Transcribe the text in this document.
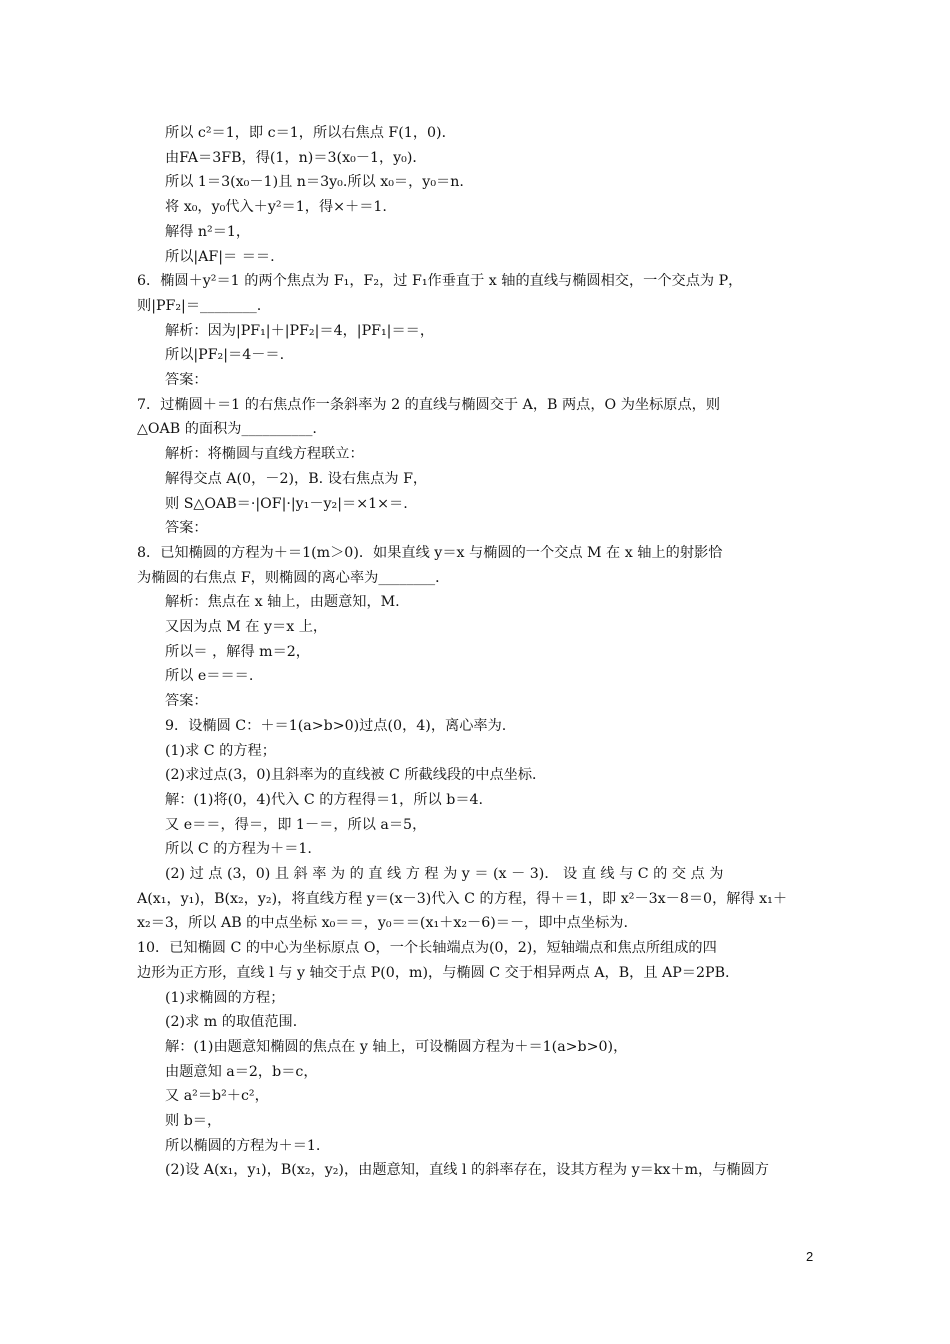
所以 c²＝1，即 c＝1，所以右焦点 F(1，0)．
由FA＝3FB，得(1，n)＝3(x₀－1，y₀)．
所以 1＝3(x₀－1)且 n＝3y₀.所以 x₀＝，y₀＝n.
将 x₀，y₀代入＋y²＝1，得×＋＝1.
解得 n²＝1，
所以|AF|＝ ＝＝.
6．椭圆＋y²＝1 的两个焦点为 F₁，F₂，过 F₁作垂直于 x 轴的直线与椭圆相交，一个交点为 P，
则|PF₂|＝________.
解析：因为|PF₁|＋|PF₂|＝4，|PF₁|＝＝，
所以|PF₂|＝4－＝.
答案：
7．过椭圆＋＝1 的右焦点作一条斜率为 2 的直线与椭圆交于 A，B 两点，O 为坐标原点，则
△OAB 的面积为__________.
解析：将椭圆与直线方程联立：
解得交点 A(0，－2)，B. 设右焦点为 F，
则 S△OAB＝·|OF|·|y₁－y₂|＝×1×＝.
答案：
8．已知椭圆的方程为＋＝1(m＞0)．如果直线 y＝x 与椭圆的一个交点 M 在 x 轴上的射影恰
为椭圆的右焦点 F，则椭圆的离心率为________．
解析：焦点在 x 轴上，由题意知，M.
又因为点 M 在 y＝x 上，
所以＝ ，解得 m＝2，
所以 e＝＝＝.
答案：
9．设椭圆 C：＋＝1(a>b>0)过点(0，4)，离心率为.
(1)求 C 的方程；
(2)求过点(3，0)且斜率为的直线被 C 所截线段的中点坐标．
解：(1)将(0，4)代入 C 的方程得＝1，所以 b＝4.
又 e＝＝，得＝，即 1－＝，所以 a＝5，
所以 C 的方程为＋＝1.
(2) 过 点 (3，0) 且 斜 率 为 的 直 线 方 程 为 y ＝ (x － 3)． 设 直 线 与 C 的 交 点 为
A(x₁，y₁)，B(x₂，y₂)，将直线方程 y＝(x－3)代入 C 的方程，得＋＝1，即 x²－3x－8＝0，解得 x₁＋
x₂＝3，所以 AB 的中点坐标 x₀＝＝，y₀＝＝(x₁＋x₂－6)＝－，即中点坐标为.
10．已知椭圆 C 的中心为坐标原点 O，一个长轴端点为(0，2)，短轴端点和焦点所组成的四
边形为正方形，直线 l 与 y 轴交于点 P(0，m)，与椭圆 C 交于相异两点 A，B，且 AP＝2PB.
(1)求椭圆的方程；
(2)求 m 的取值范围．
解：(1)由题意知椭圆的焦点在 y 轴上，可设椭圆方程为＋＝1(a>b>0)，
由题意知 a＝2，b＝c，
又 a²＝b²＋c²，
则 b＝，
所以椭圆的方程为＋＝1.
(2)设 A(x₁，y₁)，B(x₂，y₂)，由题意知，直线 l 的斜率存在，设其方程为 y＝kx＋m，与椭圆方
2
